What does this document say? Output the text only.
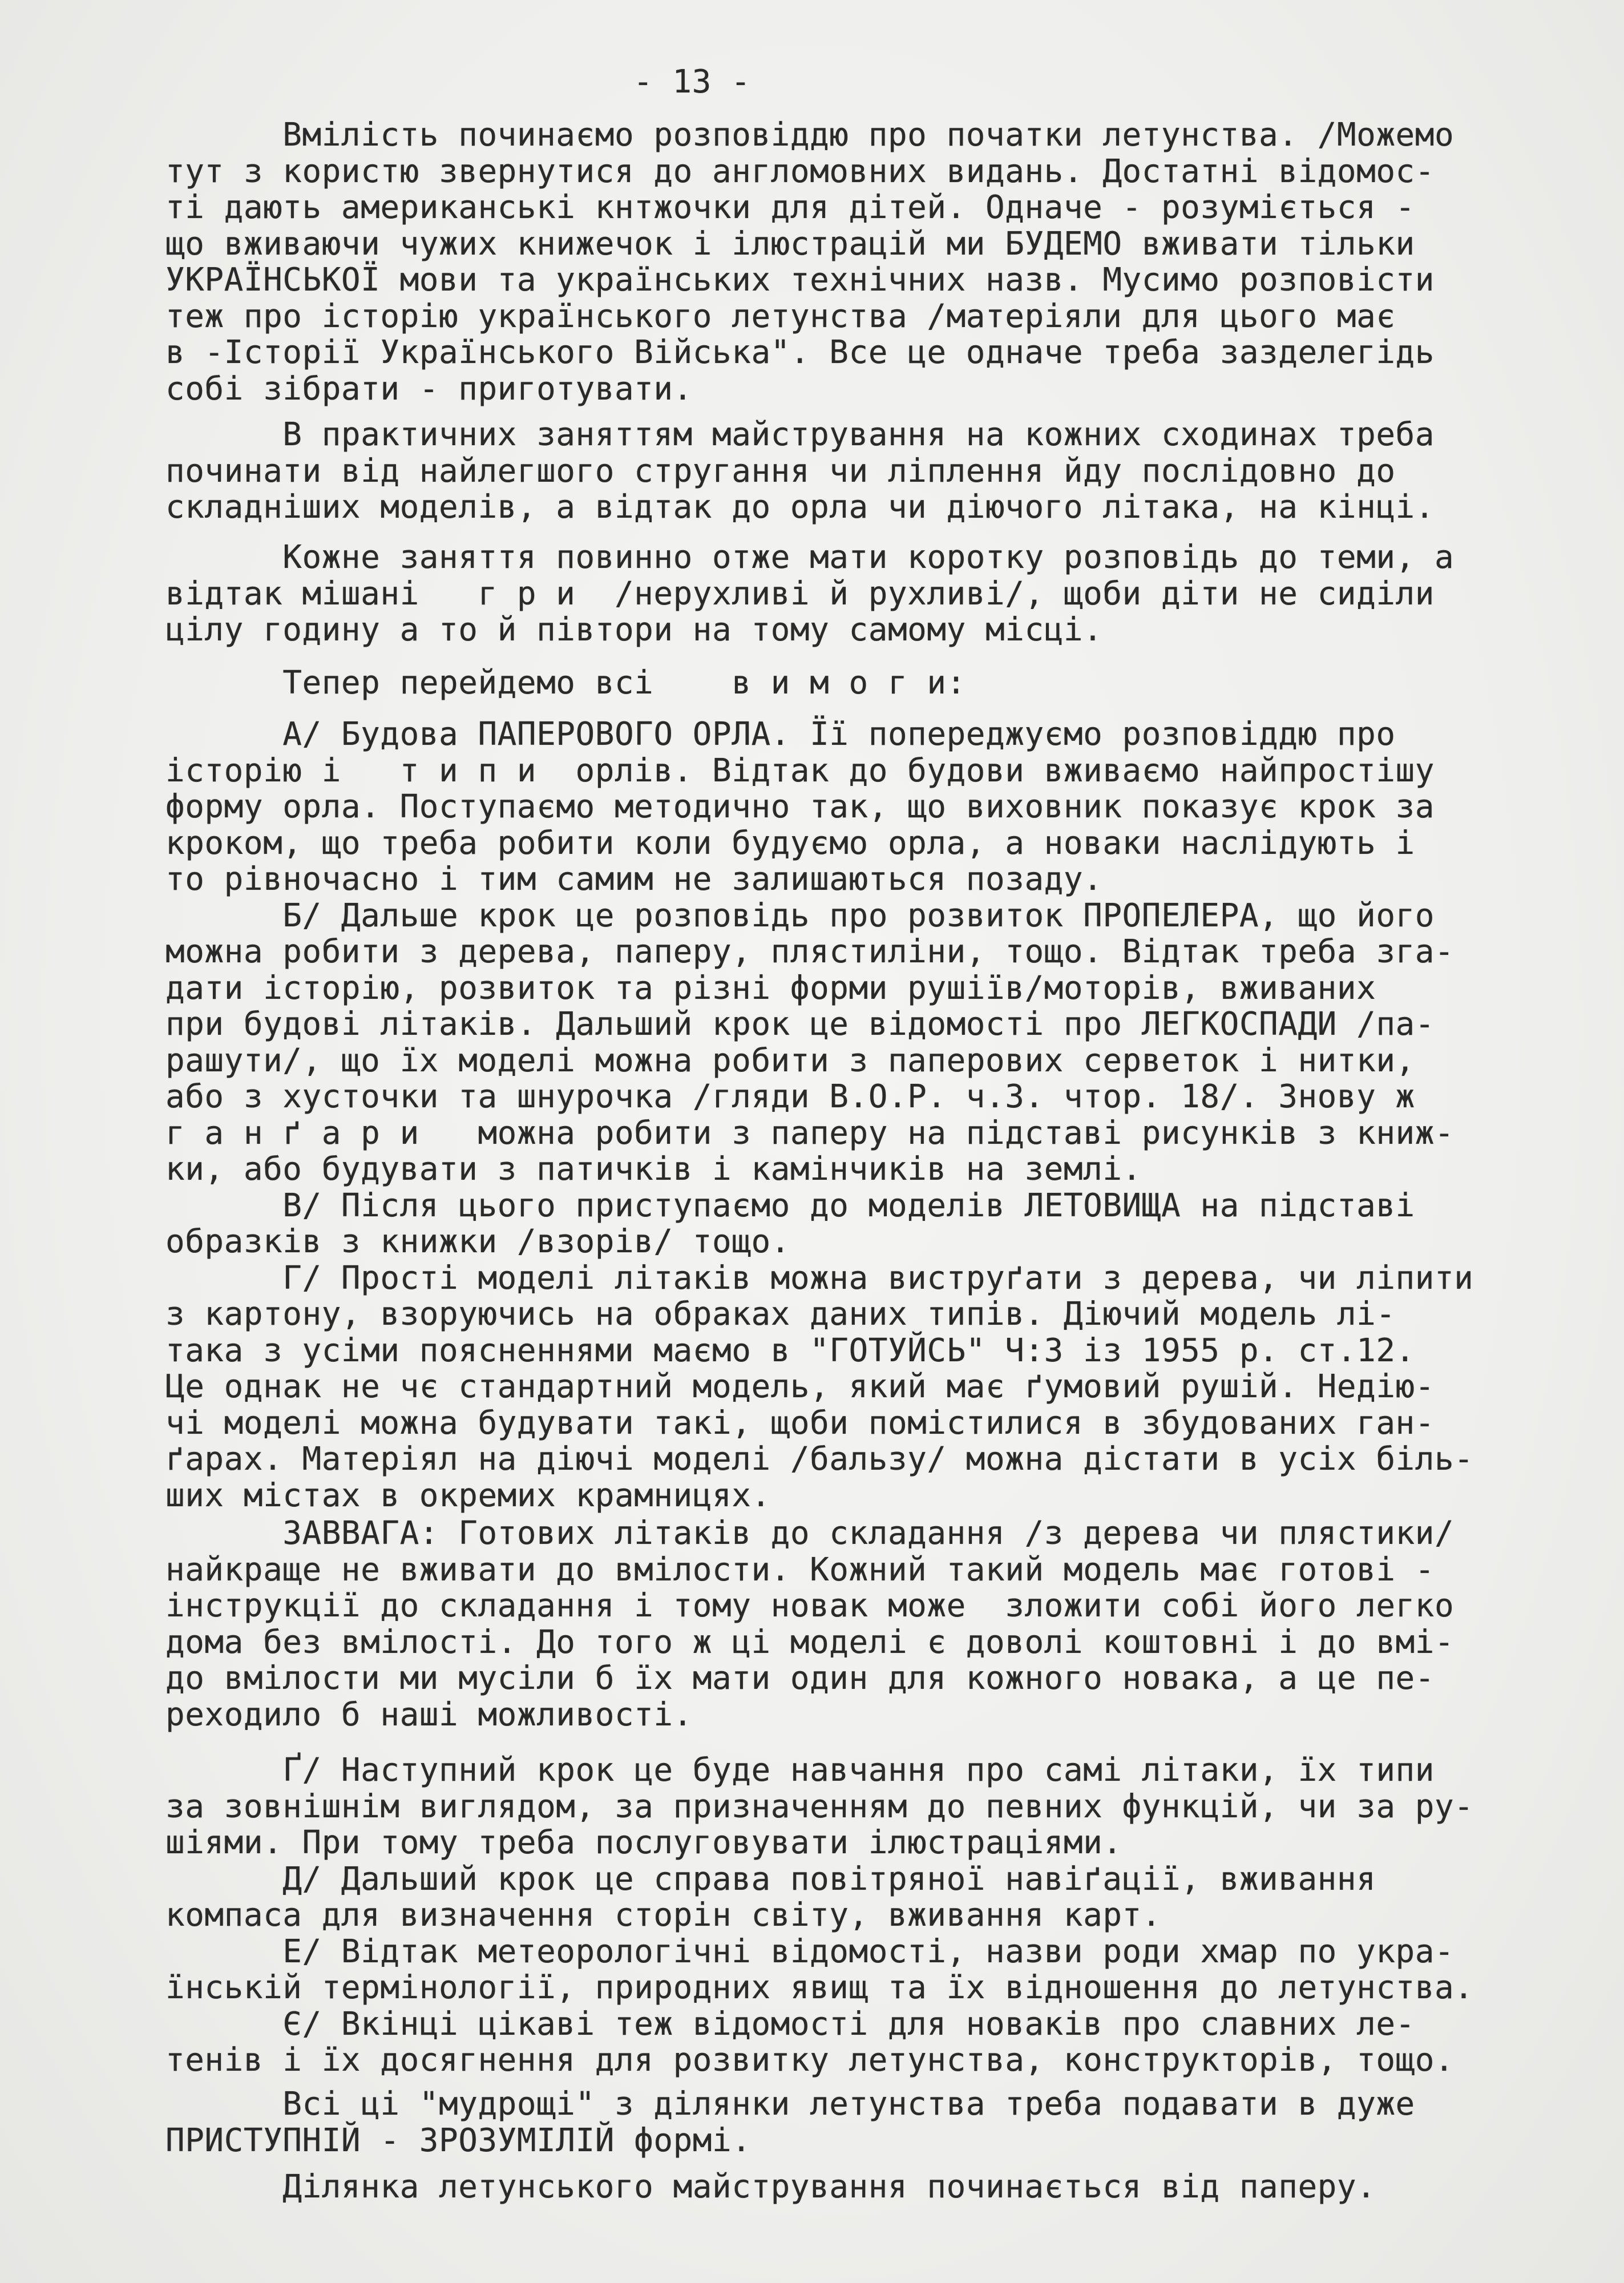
- 13 -
Вмілість починаємо розповіддю про початки летунства. /Можемо
тут з користю звернутися до англомовних видань. Достатні відомос-
ті дають американські кнтжочки для дітей. Одначе - розуміється -
що вживаючи чужих книжечок і ілюстрацій ми БУДЕМО вживати тільки
УКРАЇНСЬКОЇ мови та українських технічних назв. Мусимо розповісти
теж про історію українського летунства /матеріяли для цього має
в -Історії Українського Війська". Все це одначе треба зазделегідь
собі зібрати - приготувати.
В практичних заняттям майстрування на кожних сходинах треба
починати від найлегшого стругання чи ліплення йду послідовно до
складніших моделів, а відтак до орла чи діючого літака, на кінці.
Кожне заняття повинно отже мати коротку розповідь до теми, а
відтак мішані   г р и  /нерухливі й рухливі/, щоби діти не сиділи
цілу годину а то й півтори на тому самому місці.
Тепер перейдемо всі    в и м о г и:
А/ Будова ПАПЕРОВОГО ОРЛА. Її попереджуємо розповіддю про
історію і   т и п и  орлів. Відтак до будови вживаємо найпростішу
форму орла. Поступаємо методично так, що виховник показує крок за
кроком, що треба робити коли будуємо орла, а новаки наслідують і
то рівночасно і тим самим не залишаються позаду.
Б/ Дальше крок це розповідь про розвиток ПРОПЕЛЕРА, що його
можна робити з дерева, паперу, плястиліни, тощо. Відтак треба зга-
дати історію, розвиток та різні форми рушіїв/моторів, вживаних
при будові літаків. Дальший крок це відомості про ЛЕГКОСПАДИ /па-
рашути/, що їх моделі можна робити з паперових серветок і нитки,
або з хусточки та шнурочка /гляди В.О.Р. ч.3. чтор. 18/. Знову ж
г а н ґ а р и   можна робити з паперу на підставі рисунків з книж-
ки, або будувати з патичків і камінчиків на землі.
В/ Після цього приступаємо до моделів ЛЕТОВИЩА на підставі
образків з книжки /взорів/ тощо.
Г/ Прості моделі літаків можна виструґати з дерева, чи ліпити
з картону, взоруючись на обраках даних типів. Діючий модель лі-
така з усіми поясненнями маємо в "ГОТУЙСЬ" Ч:3 із 1955 р. ст.12.
Це однак не чє стандартний модель, який має ґумовий рушій. Недію-
чі моделі можна будувати такі, щоби помістилися в збудованих ган-
ґарах. Матеріял на діючі моделі /бальзу/ можна дістати в усіх біль-
ших містах в окремих крамницях.
ЗАВВАГА: Готових літаків до складання /з дерева чи плястики/
найкраще не вживати до вмілости. Кожний такий модель має готові -
інструкції до складання і тому новак може  зложити собі його легко
дома без вмілості. До того ж ці моделі є доволі коштовні і до вмі-
до вмілости ми мусіли б їх мати один для кожного новака, а це пе-
реходило б наші можливості.
Ґ/ Наступний крок це буде навчання про самі літаки, їх типи
за зовнішнім виглядом, за призначенням до певних функцій, чи за ру-
шіями. При тому треба послуговувати ілюстраціями.
Д/ Дальший крок це справа повітряної навіґації, вживання
компаса для визначення сторін світу, вживання карт.
Е/ Відтак метеорологічні відомості, назви роди хмар по укра-
їнській термінології, природних явищ та їх відношення до летунства.
Є/ Вкінці цікаві теж відомості для новаків про славних ле-
тенів і їх досягнення для розвитку летунства, конструкторів, тощо.
Всі ці "мудрощі" з ділянки летунства треба подавати в дуже
ПРИСТУПНІЙ - ЗРОЗУМІЛІЙ формі.
Ділянка летунського майстрування починається від паперу.
